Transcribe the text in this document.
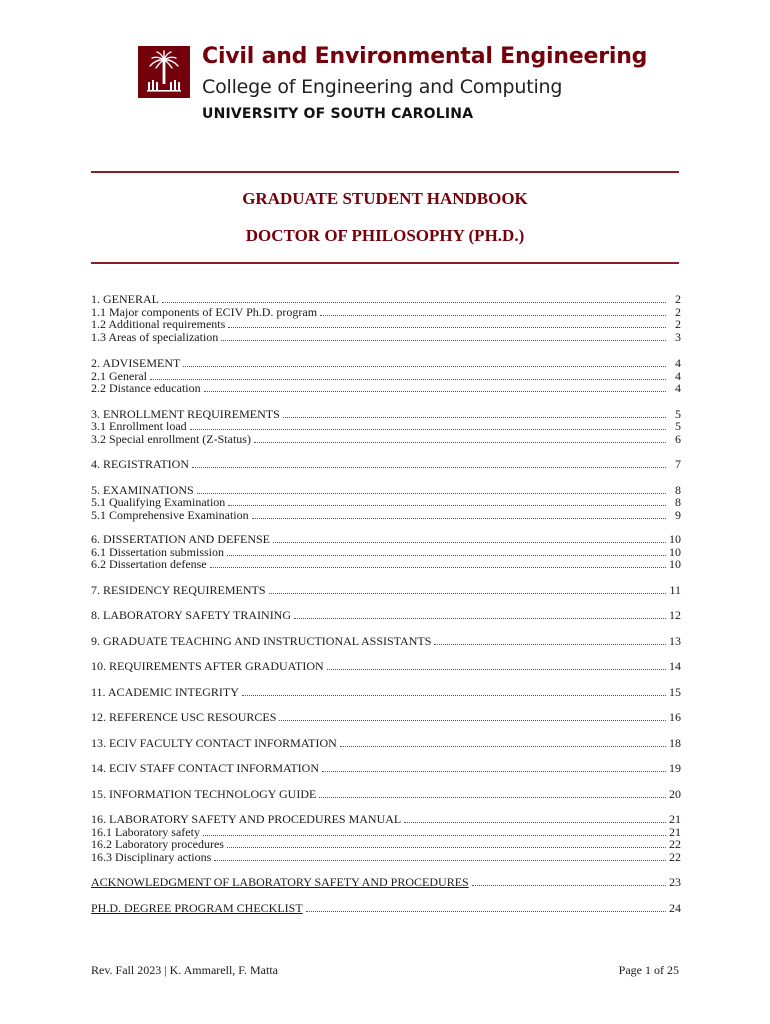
Civil and Environmental Engineering
College of Engineering and Computing
UNIVERSITY OF SOUTH CAROLINA
GRADUATE STUDENT HANDBOOK
DOCTOR OF PHILOSOPHY (PH.D.)
1. GENERAL	2
1.1 Major components of ECIV Ph.D. program	2
1.2 Additional requirements	2
1.3 Areas of specialization	3
2. ADVISEMENT	4
2.1 General	4
2.2 Distance education	4
3. ENROLLMENT REQUIREMENTS	5
3.1 Enrollment load	5
3.2 Special enrollment (Z-Status)	6
4. REGISTRATION	7
5. EXAMINATIONS	8
5.1 Qualifying Examination	8
5.1 Comprehensive Examination	9
6. DISSERTATION AND DEFENSE	10
6.1 Dissertation submission	10
6.2 Dissertation defense	10
7. RESIDENCY REQUIREMENTS	11
8. LABORATORY SAFETY TRAINING	12
9. GRADUATE TEACHING AND INSTRUCTIONAL ASSISTANTS	13
10. REQUIREMENTS AFTER GRADUATION	14
11. ACADEMIC INTEGRITY	15
12. REFERENCE USC RESOURCES	16
13. ECIV FACULTY CONTACT INFORMATION	18
14. ECIV STAFF CONTACT INFORMATION	19
15. INFORMATION TECHNOLOGY GUIDE	20
16. LABORATORY SAFETY AND PROCEDURES MANUAL	21
16.1 Laboratory safety	21
16.2 Laboratory procedures	22
16.3 Disciplinary actions	22
ACKNOWLEDGMENT OF LABORATORY SAFETY AND PROCEDURES	23
PH.D. DEGREE PROGRAM CHECKLIST	24
Rev. Fall 2023 | K. Ammarell, F. Matta	Page 1 of 25
